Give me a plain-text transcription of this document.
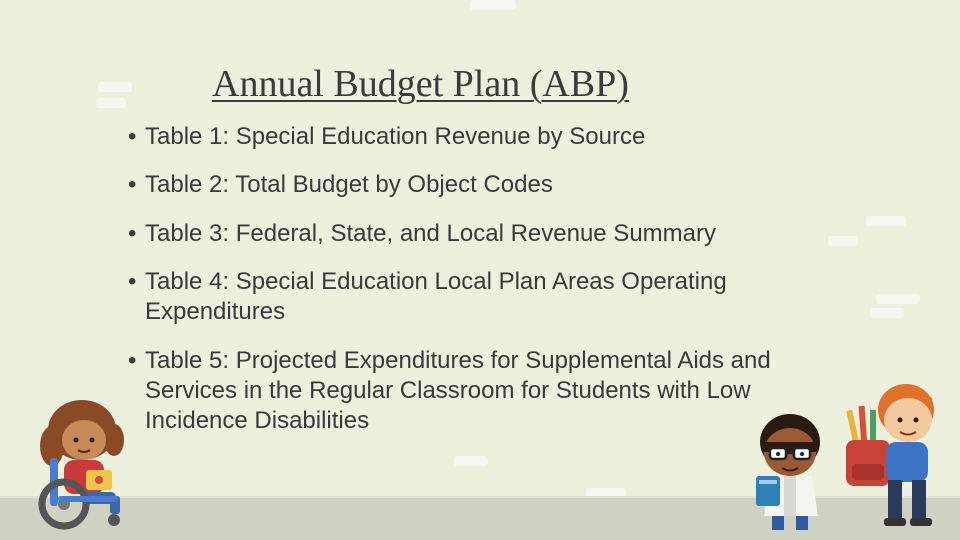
Annual Budget Plan (ABP)
• Table 1: Special Education Revenue by Source
• Table 2: Total Budget by Object Codes
• Table 3: Federal, State, and Local Revenue Summary
• Table 4: Special Education Local Plan Areas Operating Expenditures
• Table 5: Projected Expenditures for Supplemental Aids and Services in the Regular Classroom for Students with Low Incidence Disabilities
